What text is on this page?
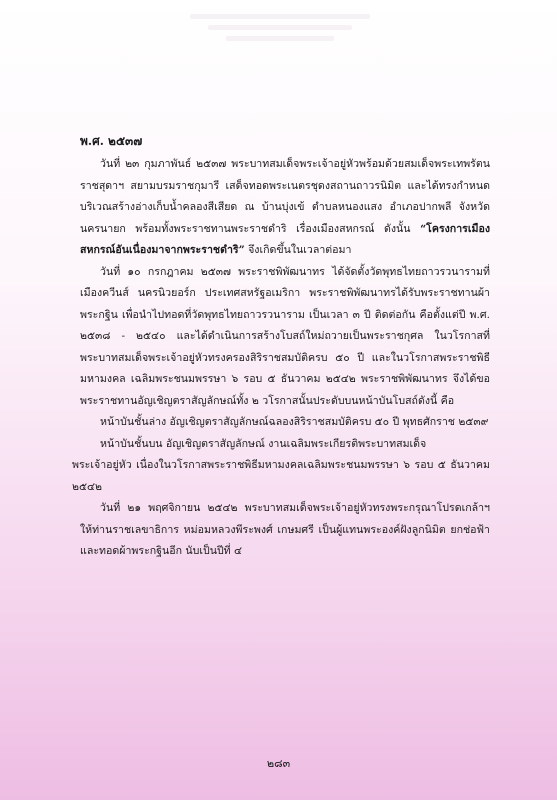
พ.ศ. ๒๕๓๗

วันที่ ๒๓ กุมภาพันธ์ ๒๕๓๗ พระบาทสมเด็จพระเจ้าอยู่หัวพร้อมด้วยสมเด็จพระเทพรัตนราชสุดาฯ สยามบรมราชกุมารี เสด็จทอดพระเนตรชุดงสถานถาวรนิมิต และได้ทรงกำหนดบริเวณสร้างอ่างเก็บน้ำคลองสีเสียด ณ บ้านบุ่งเข้ ตำบลหนองแสง อำเภอปากพลี จังหวัดนครนายก พร้อมทั้งพระราชทานพระราชดำริ เรื่องเมืองสหกรณ์ ดังนั้น “โครงการเมืองสหกรณ์อันเนื่องมาจากพระราชดำริ” จึงเกิดขึ้นในเวลาต่อมา

วันที่ ๑๐ กรกฎาคม ๒๕๓๗ พระราชพิพัฒนาทร ได้จัดตั้งวัดพุทธไทยถาวรวนารามที่เมืองควีนส์ นครนิวยอร์ก ประเทศสหรัฐอเมริกา พระราชพิพัฒนาทรได้รับพระราชทานผ้าพระกฐิน เพื่อนำไปทอดที่วัดพุทธไทยถาวรวนาราม เป็นเวลา ๓ ปี ติดต่อกัน คือตั้งแต่ปี พ.ศ. ๒๕๓๘ - ๒๕๔๐ และได้ดำเนินการสร้างโบสถ์ใหม่ถวายเป็นพระราชกุศล ในวโรกาสที่พระบาทสมเด็จพระเจ้าอยู่หัวทรงครองสิริราชสมบัติครบ ๕๐ ปี และในวโรกาสพระราชพิธีมหามงคล เฉลิมพระชนมพรรษา ๖ รอบ ๕ ธันวาคม ๒๕๔๒ พระราชพิพัฒนาทร จึงได้ขอพระราชทานอัญเชิญตราสัญลักษณ์ทั้ง ๒ วโรกาสนั้นประดับบนหน้าบันโบสถ์ดังนี้ คือ

หน้าบันชั้นล่าง อัญเชิญตราสัญลักษณ์ฉลองสิริราชสมบัติครบ ๕๐ ปี พุทธศักราช ๒๕๓๙

หน้าบันชั้นบน อัญเชิญตราสัญลักษณ์ งานเฉลิมพระเกียรติพระบาทสมเด็จ

พระเจ้าอยู่หัว เนื่องในวโรกาสพระราชพิธีมหามงคลเฉลิมพระชนมพรรษา ๖ รอบ ๕ ธันวาคม ๒๕๔๒

วันที่ ๒๑ พฤศจิกายน ๒๕๔๒ พระบาทสมเด็จพระเจ้าอยู่หัวทรงพระกรุณาโปรดเกล้าฯ ให้ท่านราชเลขาธิการ หม่อมหลวงพีระพงศ์ เกษมศรี เป็นผู้แทนพระองค์ฝังลูกนิมิต ยกช่อฟ้า และทอดผ้าพระกฐินอีก นับเป็นปีที่ ๔

๒๘๓
